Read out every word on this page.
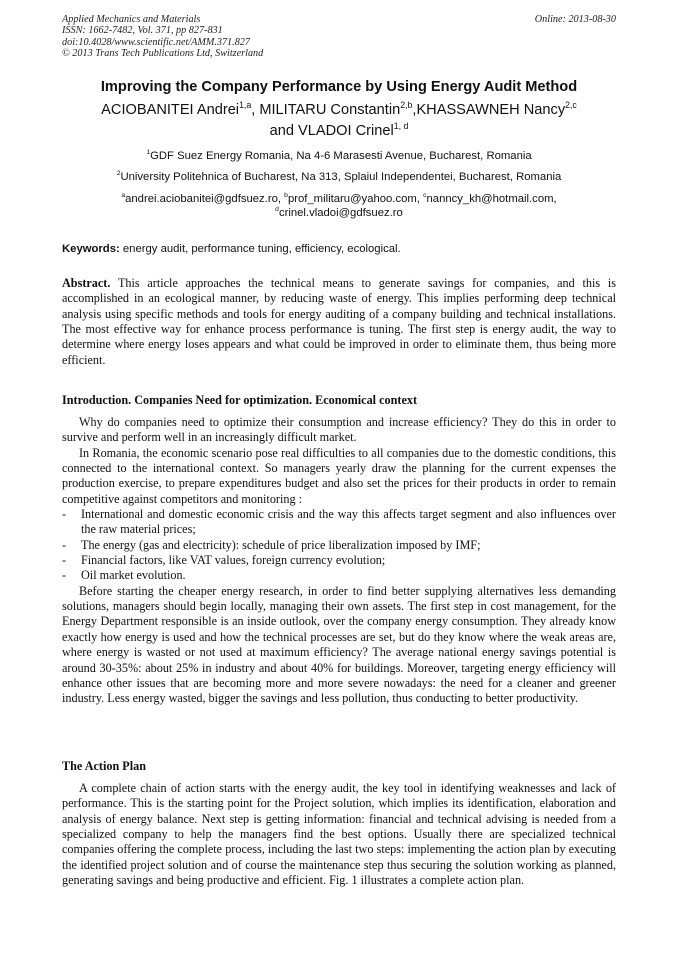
Applied Mechanics and Materials
ISSN: 1662-7482, Vol. 371, pp 827-831
doi:10.4028/www.scientific.net/AMM.371.827
© 2013 Trans Tech Publications Ltd, Switzerland
Online: 2013-08-30
Improving the Company Performance by Using Energy Audit Method
ACIOBANITEI Andrei$^{1,a}$, MILITARU Constantin$^{2,b}$,KHASSAWNEH Nancy$^{2,c}$
and VLADOI Crinel$^{1, d}$
$^1$GDF Suez Energy Romania, Na 4-6 Marasesti Avenue, Bucharest, Romania
$^2$University Politehnica of Bucharest, Na 313, Splaiul Independentei, Bucharest, Romania
$^a$andrei.aciobanitei@gdfsuez.ro, $^b$prof_militaru@yahoo.com, $^c$nanncy_kh@hotmail.com,
$^d$crinel.vladoi@gdfsuez.ro
Keywords: energy audit, performance tuning, efficiency, ecological.
Abstract. This article approaches the technical means to generate savings for companies, and this is accomplished in an ecological manner, by reducing waste of energy. This implies performing deep technical analysis using specific methods and tools for energy auditing of a company building and technical installations. The most effective way for enhance process performance is tuning. The first step is energy audit, the way to determine where energy loses appears and what could be improved in order to eliminate them, thus being more efficient.
Introduction. Companies Need for optimization. Economical context

Why do companies need to optimize their consumption and increase efficiency? They do this in order to survive and perform well in an increasingly difficult market.

In Romania, the economic scenario pose real difficulties to all companies due to the domestic conditions, this connected to the international context. So managers yearly draw the planning for the current expenses the production exercise, to prepare expenditures budget and also set the prices for their products in order to remain competitive against competitors and monitoring :

- International and domestic economic crisis and the way this affects target segment and also influences over the raw material prices;
- The energy (gas and electricity): schedule of price liberalization imposed by IMF;
- Financial factors, like VAT values, foreign currency evolution;
- Oil market evolution.

Before starting the cheaper energy research, in order to find better supplying alternatives less demanding solutions, managers should begin locally, managing their own assets. The first step in cost management, for the Energy Department responsible is an inside outlook, over the company energy consumption. They already know exactly how energy is used and how the technical processes are set, but do they know where the weak areas are, where energy is wasted or not used at maximum efficiency? The average national energy savings potential is around 30-35%: about 25% in industry and about 40% for buildings. Moreover, targeting energy efficiency will enhance other issues that are becoming more and more severe nowadays: the need for a cleaner and greener industry. Less energy wasted, bigger the savings and less pollution, thus conducting to better productivity.

The Action Plan

A complete chain of action starts with the energy audit, the key tool in identifying weaknesses and lack of performance. This is the starting point for the Project solution, which implies its identification, elaboration and analysis of energy balance. Next step is getting information: financial and technical advising is needed from a specialized company to help the managers find the best options. Usually there are specialized technical companies offering the complete process, including the last two steps: implementing the action plan by executing the identified project solution and of course the maintenance step thus securing the solution working as planned, generating savings and being productive and efficient. Fig. 1 illustrates a complete action plan.
